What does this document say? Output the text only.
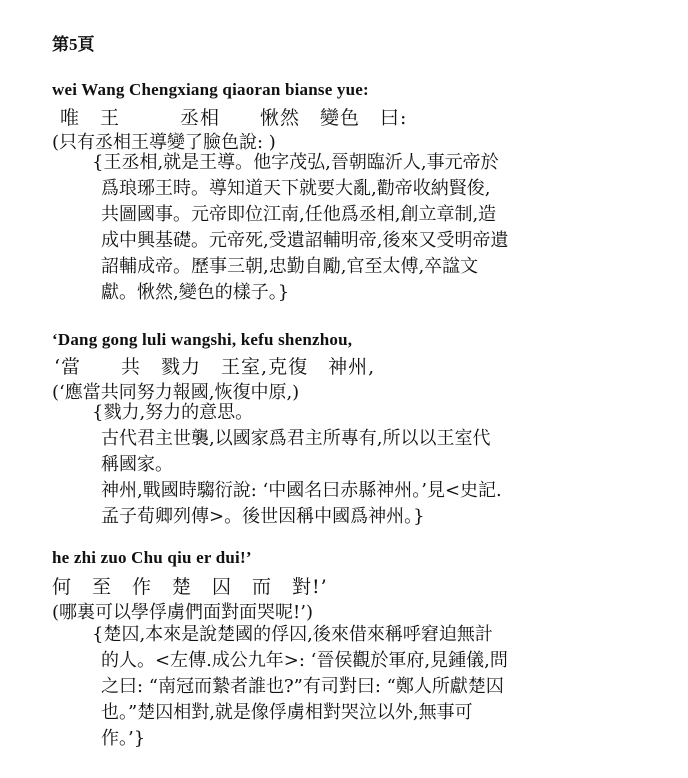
第5頁
wei Wang Chengxiang qiaoran bianse yue:
唯　王　　　丞相　　愀然　變色　曰:
(只有丞相王導變了臉色說: )
{王丞相,就是王導。他字茂弘,晉朝臨沂人,事元帝於
爲琅琊王時。導知道天下就要大亂,勸帝收納賢俊,
共圖國事。元帝即位江南,任他爲丞相,創立章制,造
成中興基礎。元帝死,受遺詔輔明帝,後來又受明帝遺
詔輔成帝。歷事三朝,忠勤自勵,官至太傅,卒諡文
獻。愀然,變色的樣子。}
‘Dang gong luli wangshi, kefu shenzhou,
‘當　　共　戮力　王室,克復　神州,
(‘應當共同努力報國,恢復中原,)
{戮力,努力的意思。
古代君主世襲,以國家爲君主所專有,所以以王室代
稱國家。
神州,戰國時騶衍說: ‘中國名曰赤縣神州。’見<史記.
孟子荀卿列傳>。後世因稱中國爲神州。}
he zhi zuo Chu qiu er dui!’
何　至　作　楚　囚　而　對!’
(哪裏可以學俘虜們面對面哭呢!’)
{楚囚,本來是說楚國的俘囚,後來借來稱呼窘迫無計
的人。<左傳.成公九年>: ‘晉侯觀於軍府,見鍾儀,問
之曰: “南冠而縶者誰也?”有司對曰: “鄭人所獻楚囚
也。”楚囚相對,就是像俘虜相對哭泣以外,無事可
作。’}
